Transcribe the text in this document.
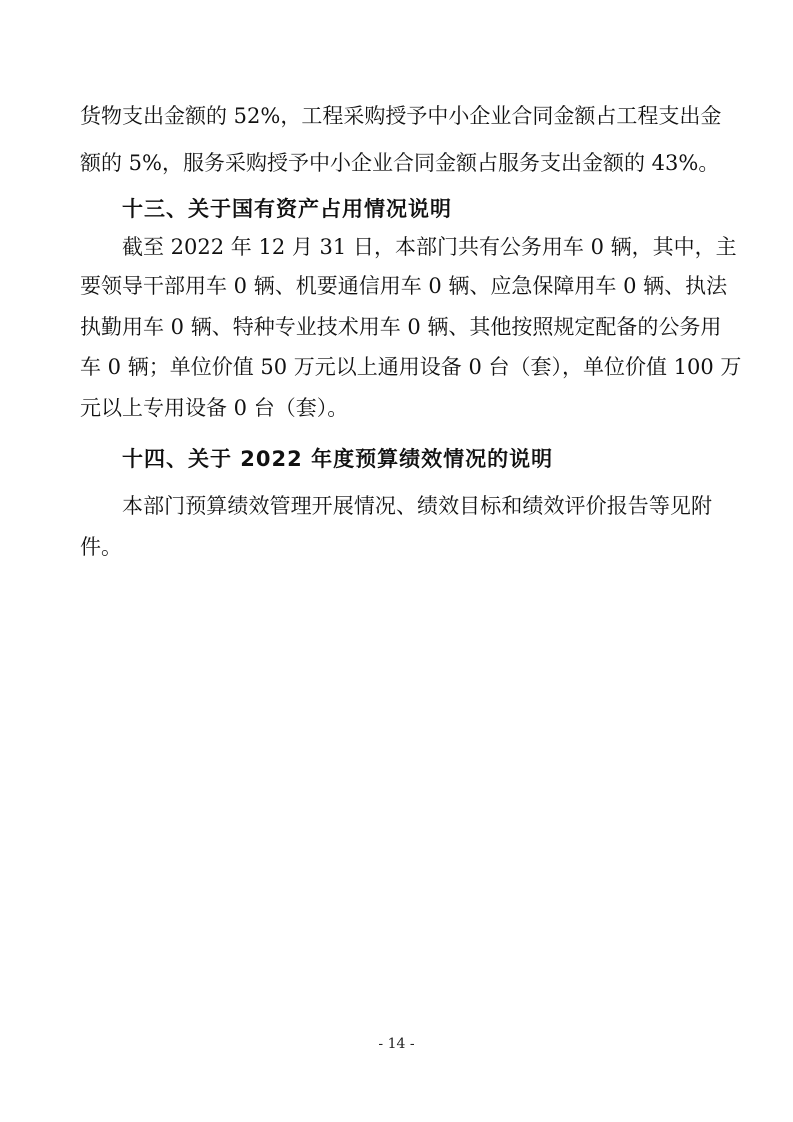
货物支出金额的 52%，工程采购授予中小企业合同金额占工程支出金
额的 5%，服务采购授予中小企业合同金额占服务支出金额的 43%。
十三、关于国有资产占用情况说明
截至 2022 年 12 月 31 日，本部门共有公务用车 0 辆，其中，主
要领导干部用车 0 辆、机要通信用车 0 辆、应急保障用车 0 辆、执法
执勤用车 0 辆、特种专业技术用车 0 辆、其他按照规定配备的公务用
车 0 辆；单位价值 50 万元以上通用设备 0 台（套），单位价值 100 万
元以上专用设备 0 台（套）。
十四、关于 2022 年度预算绩效情况的说明
本部门预算绩效管理开展情况、绩效目标和绩效评价报告等见附
件。
- 14 -
